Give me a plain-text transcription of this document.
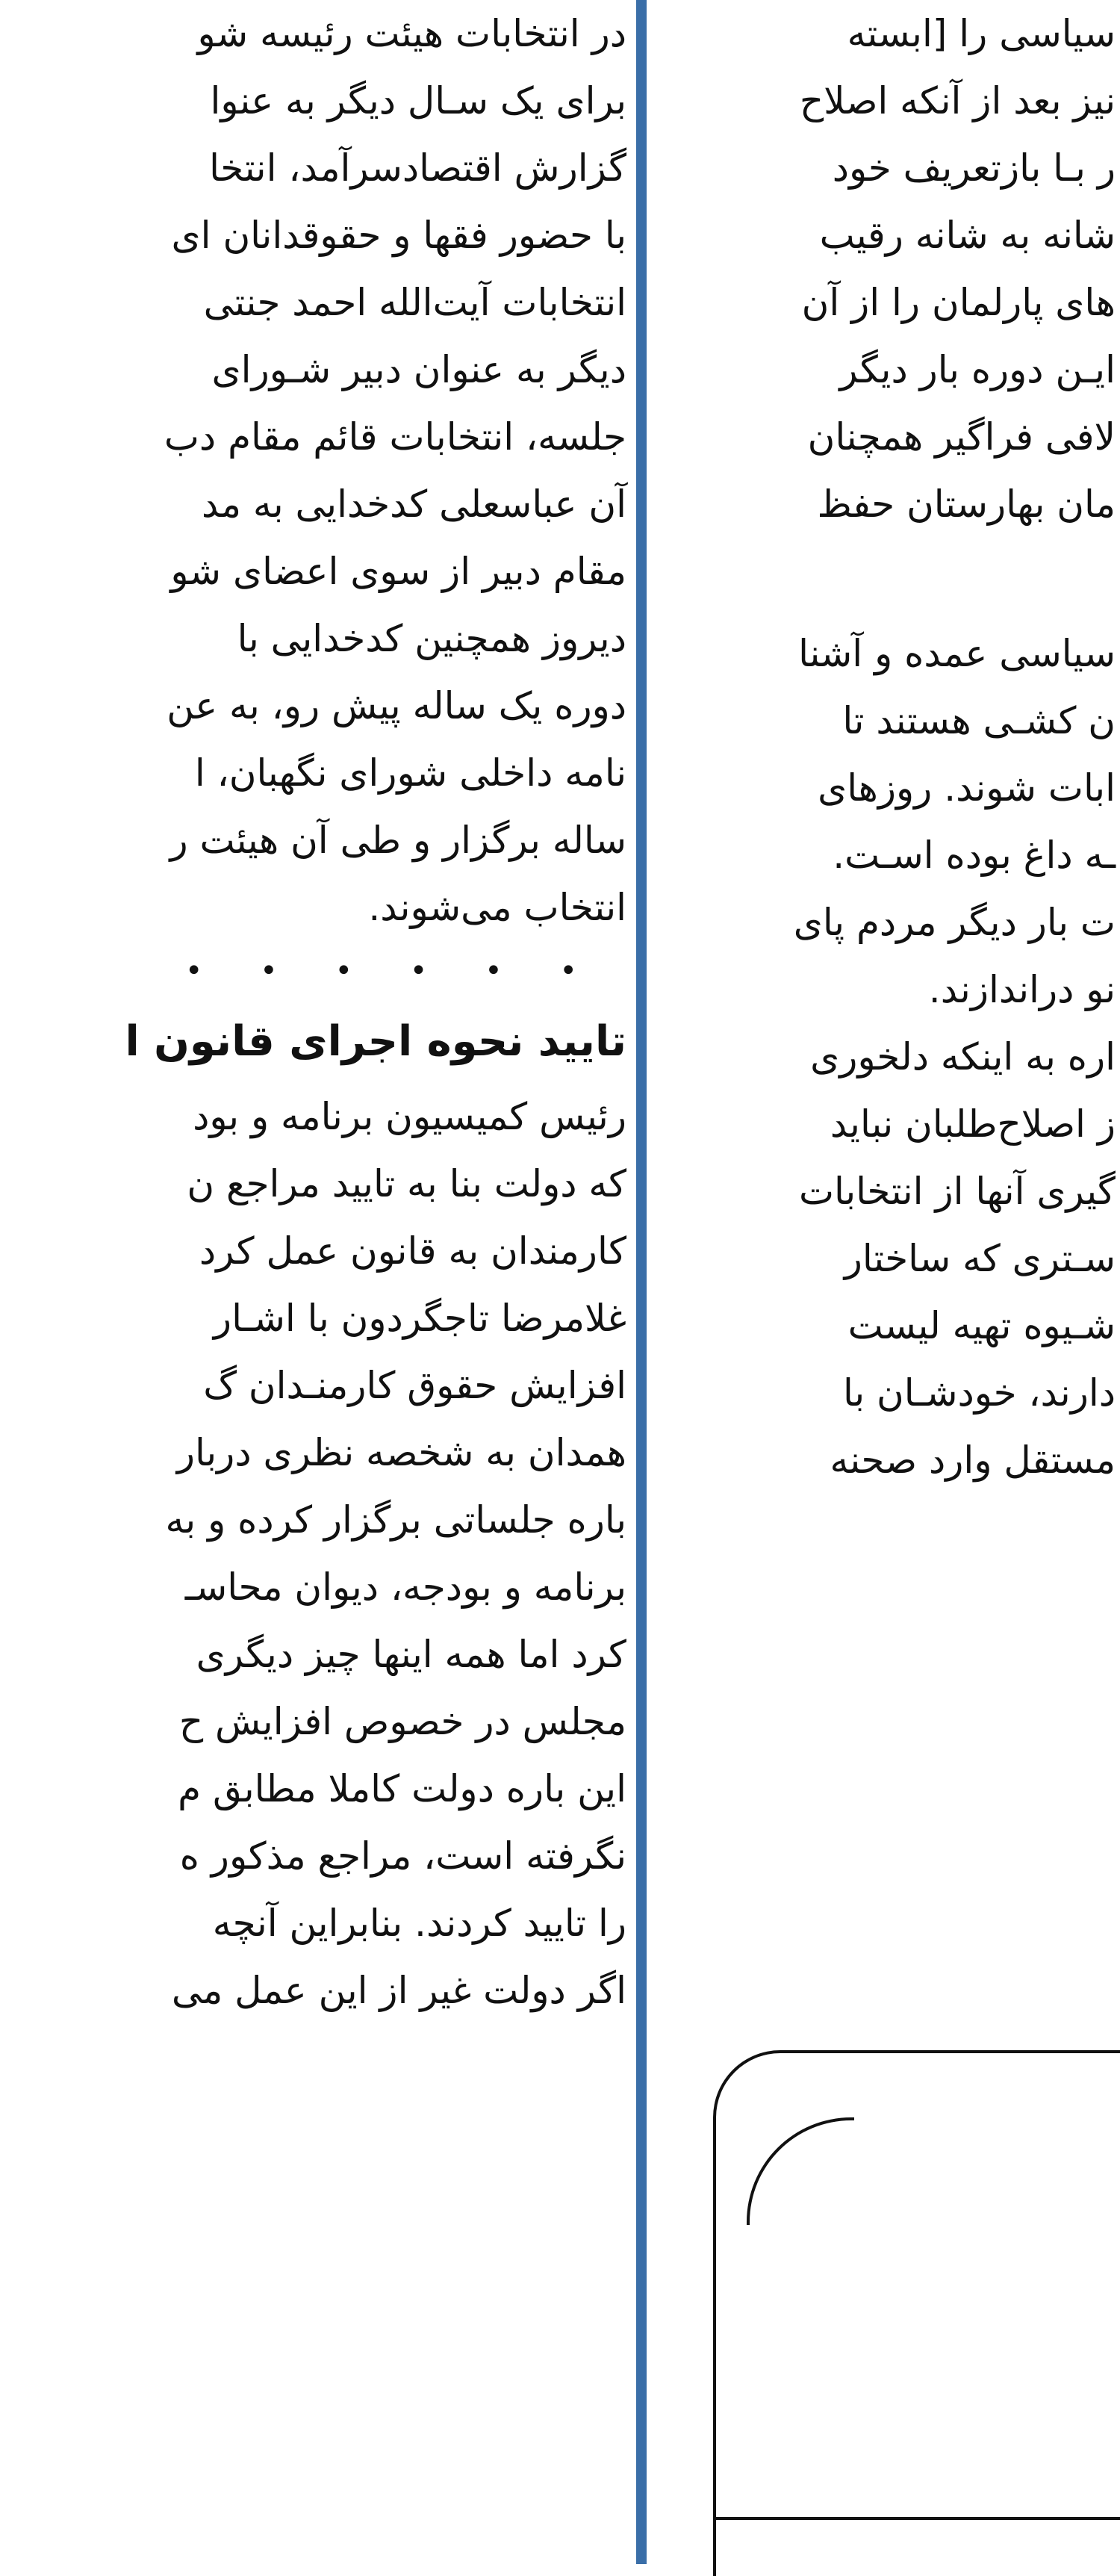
در انتخابات هیئت رئیسه شو
برای یک سـال دیگر به عنوا
گزارش اقتصادسرآمد، انتخا
با حضور فقها و حقوقدانان ای
انتخابات آیت‌الله احمد جنتی
دیگر به عنوان دبیر شـورای
جلسه، انتخابات قائم مقام دب
آن عباسعلی کدخدایی به مد
مقام دبیر از سوی اعضای شو
دیروز همچنین کدخدایی با
دوره یک ساله پیش رو، به عن
نامه داخلی شورای نگهبان، ا
ساله برگزار و طی آن هیئت ر
انتخاب می‌شوند.
• • • • • •
تایید نحوه اجرای قانون ا
رئیس کمیسیون برنامه و بود
که دولت بنا به تایید مراجع ن
کارمندان به قانون عمل کرد
غلامرضا تاجگردون با اشـار
افزایش حقوق کارمنـدان گ
همدان به شخصه نظری دربار
باره جلساتی برگزار کرده و به
برنامه و بودجه، دیوان محاسـ
کرد اما همه اینها چیز دیگری
مجلس در خصوص افزایش ح
این باره دولت کاملا مطابق م
نگرفته است، مراجع مذکور ه
را تایید کردند. بنابراین آنچه
اگر دولت غیر از این عمل می
سیاسی را [ابسته
نیز بعد از آنکه اصلاح
ر بـا بازتعریف خود
شانه به شانه رقیب
های پارلمان را از آن
ایـن دوره بار دیگر
لافی فراگیر همچنان
مان بهارستان حفظ
سیاسی عمده و آشنا
ن کشـی هستند تا
ابات شوند. روزهای
ـه داغ بوده اسـت.
ت بار دیگر مردم پای
نو درانداز‌ند.
اره به اینکه دلخوری
ز اصلاح‌طلبان نباید
گیری آنها از انتخابات
سـتری که ساختار
شـیوه تهیه لیست
دارند، خودشـان با
مستقل وارد صحنه
